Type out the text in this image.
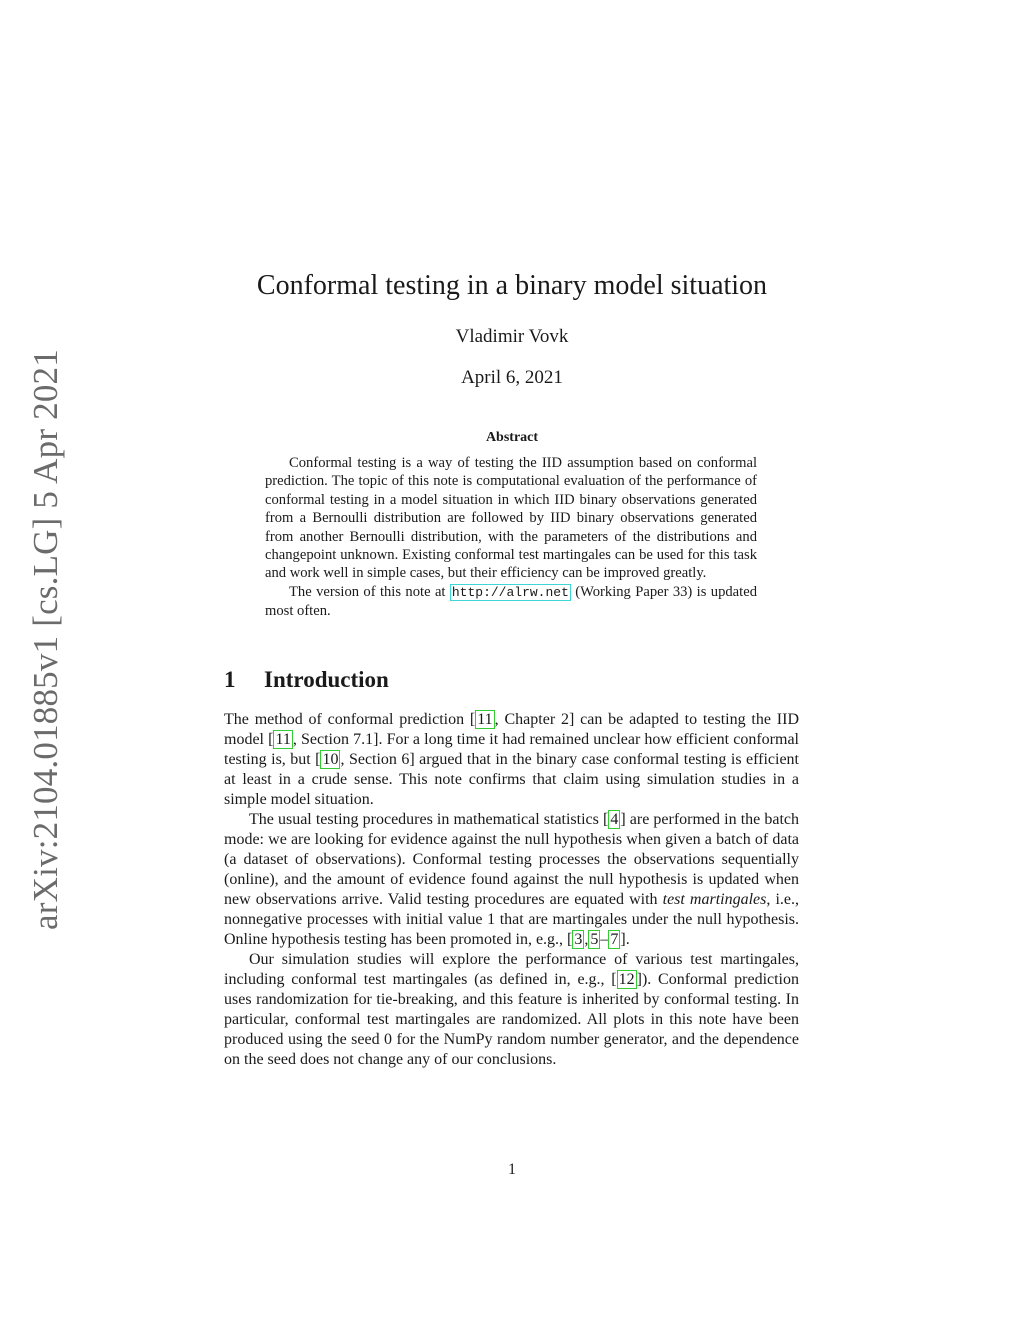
arXiv:2104.01885v1 [cs.LG] 5 Apr 2021
Conformal testing in a binary model situation
Vladimir Vovk
April 6, 2021
Abstract

Conformal testing is a way of testing the IID assumption based on conformal prediction. The topic of this note is computational evaluation of the performance of conformal testing in a model situation in which IID binary observations generated from a Bernoulli distribution are followed by IID binary observations generated from another Bernoulli distribution, with the parameters of the distributions and changepoint unknown. Existing conformal test martingales can be used for this task and work well in simple cases, but their efficiency can be improved greatly.

The version of this note at http://alrw.net (Working Paper 33) is updated most often.

1 Introduction

The method of conformal prediction [ 11 , Chapter 2] can be adapted to testing the IID model [ 11 , Section 7.1]. For a long time it had remained unclear how efficient conformal testing is, but [ 10 , Section 6] argued that in the binary case conformal testing is efficient at least in a crude sense. This note confirms that claim using simulation studies in a simple model situation.

The usual testing procedures in mathematical statistics [ 4 ] are performed in the batch mode: we are looking for evidence against the null hypothesis when given a batch of data (a dataset of observations). Conformal testing processes the observations sequentially (online), and the amount of evidence found against the null hypothesis is updated when new observations arrive. Valid testing procedures are equated with test martingales, i.e., nonnegative processes with initial value 1 that are martingales under the null hypothesis. Online hypothesis testing has been promoted in, e.g., [ 3 , 5 – 7 ].

Our simulation studies will explore the performance of various test martingales, including conformal test martingales (as defined in, e.g., [ 12 ]). Conformal prediction uses randomization for tie-breaking, and this feature is inherited by conformal testing. In particular, conformal test martingales are randomized. All plots in this note have been produced using the seed 0 for the NumPy random number generator, and the dependence on the seed does not change any of our conclusions.

1
